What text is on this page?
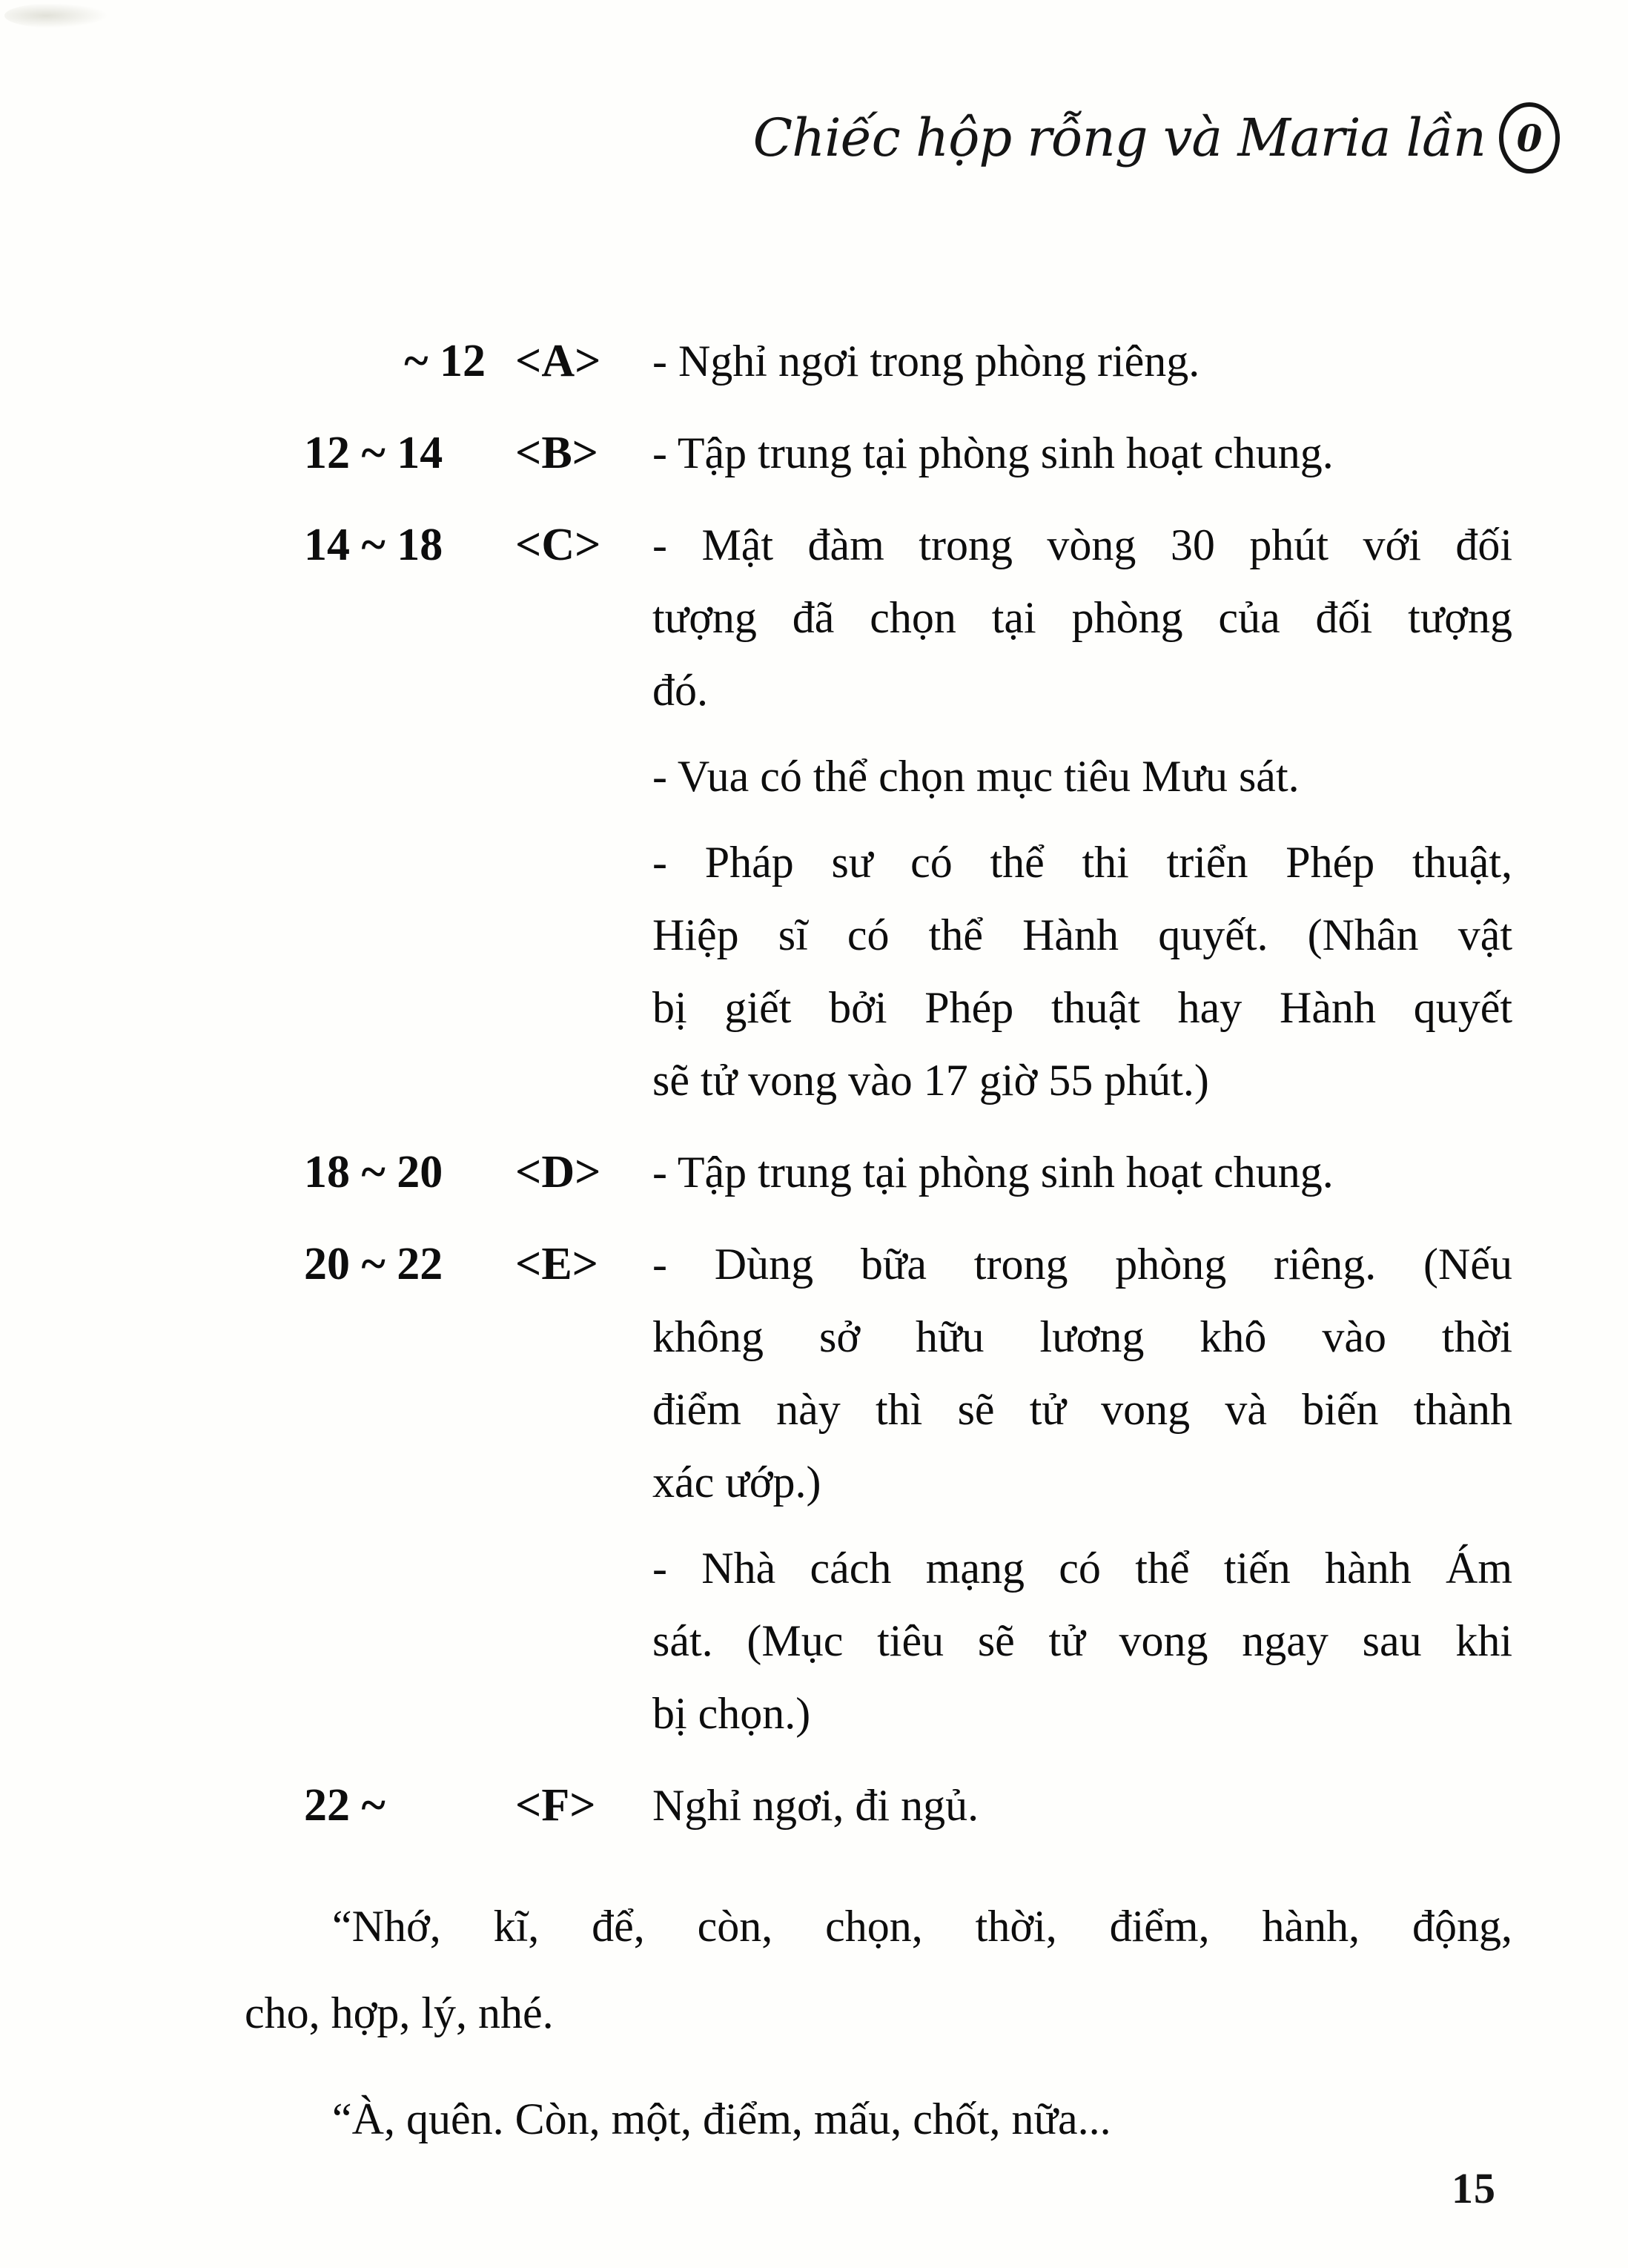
Chiếc hộp rỗng và Maria lần 0
~ 12 <A>	- Nghỉ ngơi trong phòng riêng.
12 ~ 14	<B>	- Tập trung tại phòng sinh hoạt chung.
14 ~ 18	<C>	- Mật đàm trong vòng 30 phút với đối
tượng đã chọn tại phòng của đối tượng
đó.
- Vua có thể chọn mục tiêu Mưu sát.
- Pháp sư có thể thi triển Phép thuật,
Hiệp sĩ có thể Hành quyết. (Nhân vật
bị giết bởi Phép thuật hay Hành quyết
sẽ tử vong vào 17 giờ 55 phút.)
18 ~ 20	<D>	- Tập trung tại phòng sinh hoạt chung.
20 ~ 22	<E>	- Dùng bữa trong phòng riêng. (Nếu
không sở hữu lương khô vào thời
điểm này thì sẽ tử vong và biến thành
xác ướp.)
- Nhà cách mạng có thể tiến hành Ám
sát. (Mục tiêu sẽ tử vong ngay sau khi
bị chọn.)
22 ~	<F>	Nghỉ ngơi, đi ngủ.
“Nhớ, kĩ, để, còn, chọn, thời, điểm, hành, động,
cho, hợp, lý, nhé.
“À, quên. Còn, một, điểm, mấu, chốt, nữa...
15
